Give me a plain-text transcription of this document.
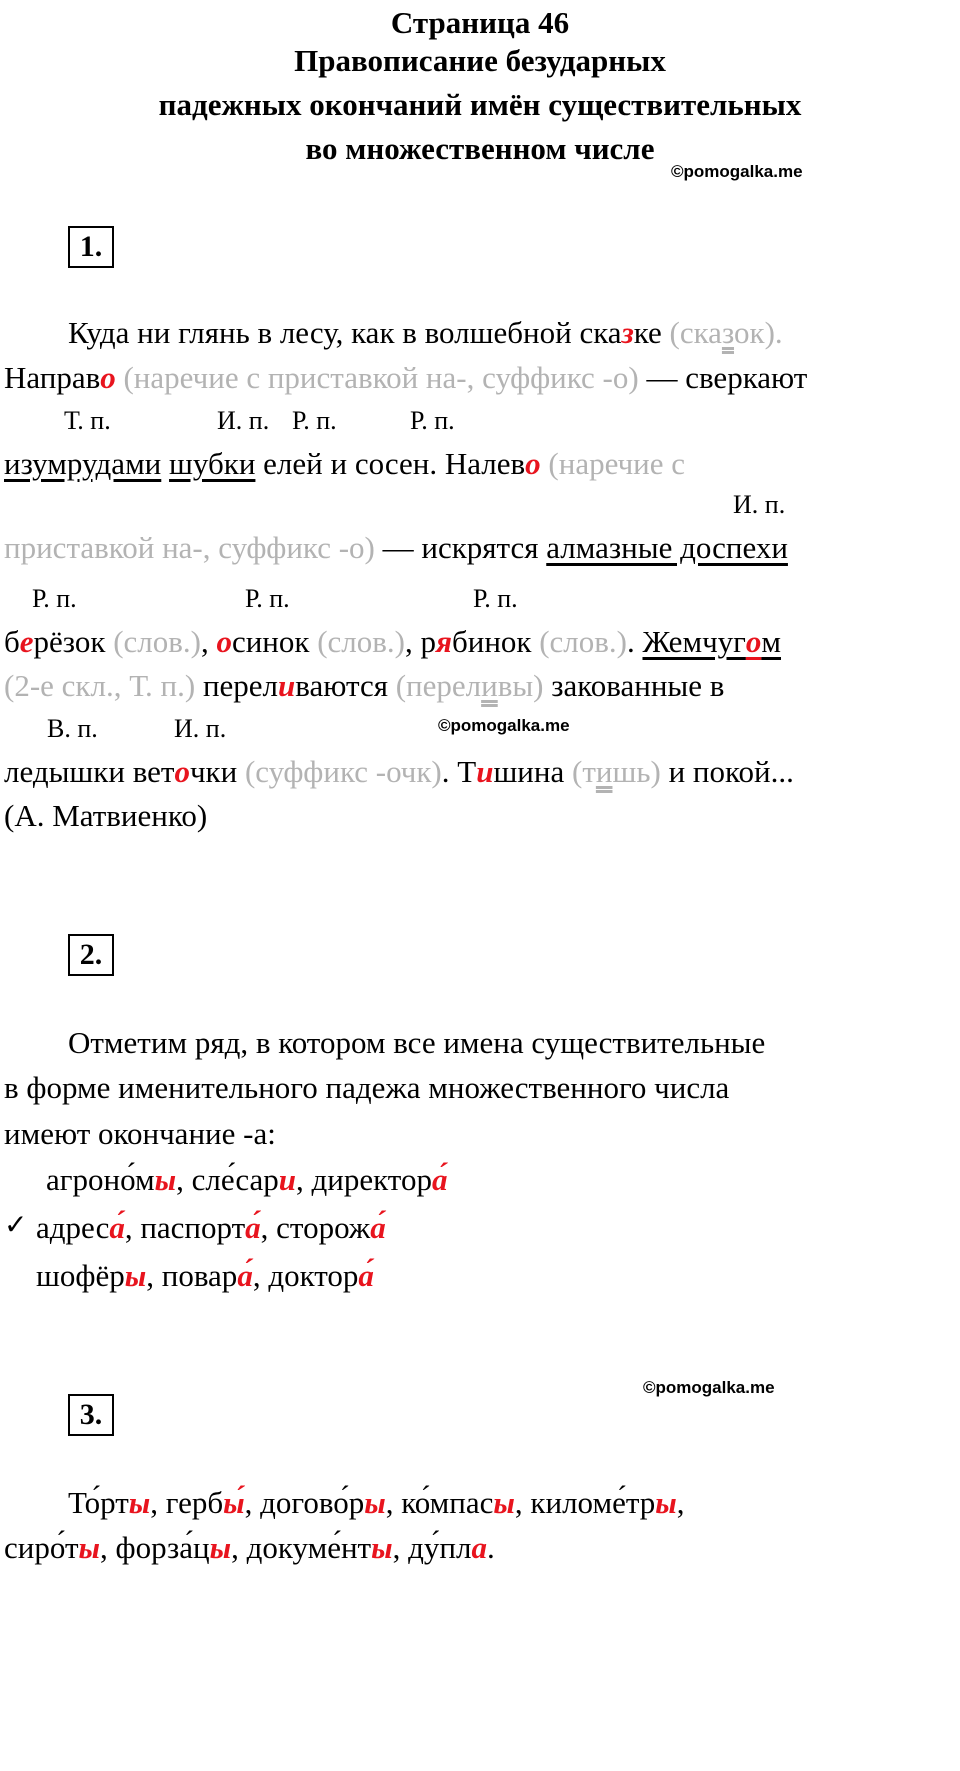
Страница 46
Правописание безударных
падежных окончаний имён существительных
во множественном числе
©pomogalka.me
1.
Куда ни глянь в лесу, как в волшебной сказке (сказок).
Направо (наречие с приставкой на-, суффикс -о) — сверкают
Т. п.	И. п. Р. п.	Р. п.
изумрудами шубки елей и сосен. Налево (наречие с
И. п.
приставкой на-, суффикс -о) — искрятся алмазные доспехи
Р. п.	Р. п.	Р. п.
берёзок (слов.), осинок (слов.), рябинок (слов.). Жемчугом
(2-е скл., Т. п.) переливаются (переливы) закованные в
В. п.	И. п.	©pomogalka.me
ледышки веточки (суффикс -очк). Тишина (тишь) и покой...
(А. Матвиенко)
2.
Отметим ряд, в котором все имена существительные
в форме именительного падежа множественного числа
имеют окончание -а:
агроно́мы, сле́сари, директора́
✓ адреса́, паспорта́, сторожа́
шофёры, повара́, доктора́
©pomogalka.me
3.
То́рты, гербы́, догово́ры, ко́мпасы, киломе́тры,
сиро́ты, форза́цы, докуме́нты, ду́пла.
